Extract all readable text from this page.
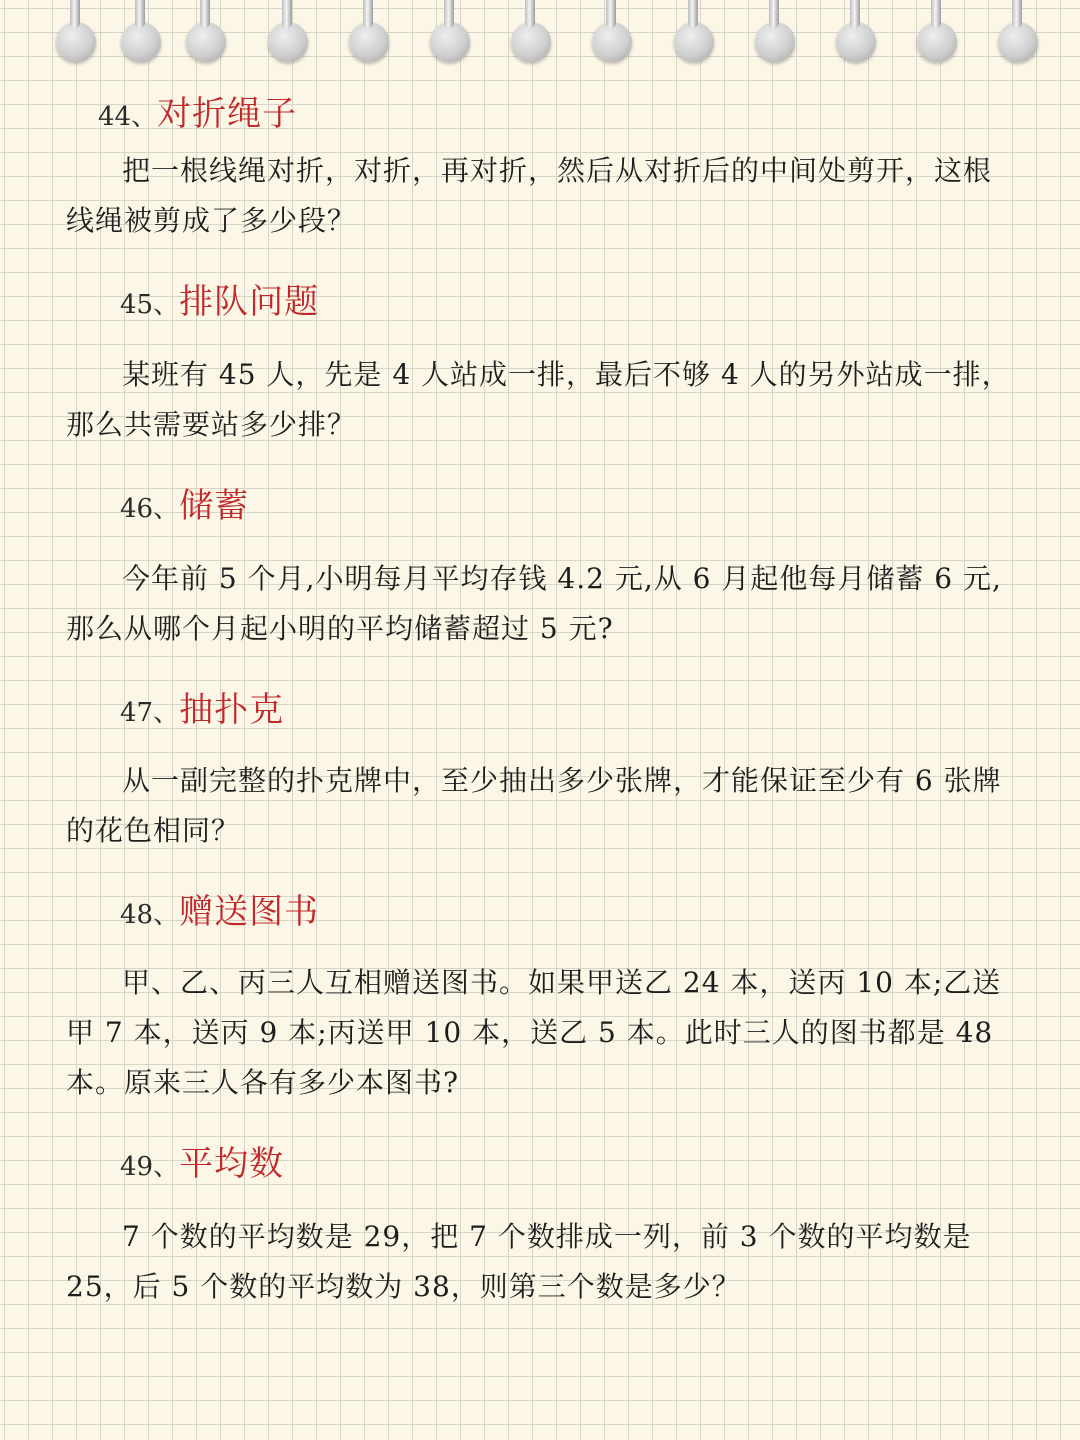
44、对折绳子
把一根线绳对折，对折，再对折，然后从对折后的中间处剪开，这根线绳被剪成了多少段？
45、排队问题
某班有 45 人，先是 4 人站成一排，最后不够 4 人的另外站成一排，那么共需要站多少排？
46、储蓄
今年前 5 个月,小明每月平均存钱 4.2 元,从 6 月起他每月储蓄 6 元,那么从哪个月起小明的平均储蓄超过 5 元?
47、抽扑克
从一副完整的扑克牌中，至少抽出多少张牌，才能保证至少有 6 张牌的花色相同？
48、赠送图书
甲、乙、丙三人互相赠送图书。如果甲送乙 24 本，送丙 10 本;乙送甲 7 本，送丙 9 本;丙送甲 10 本，送乙 5 本。此时三人的图书都是 48 本。原来三人各有多少本图书?
49、平均数
7 个数的平均数是 29，把 7 个数排成一列，前 3 个数的平均数是 25，后 5 个数的平均数为 38，则第三个数是多少？
